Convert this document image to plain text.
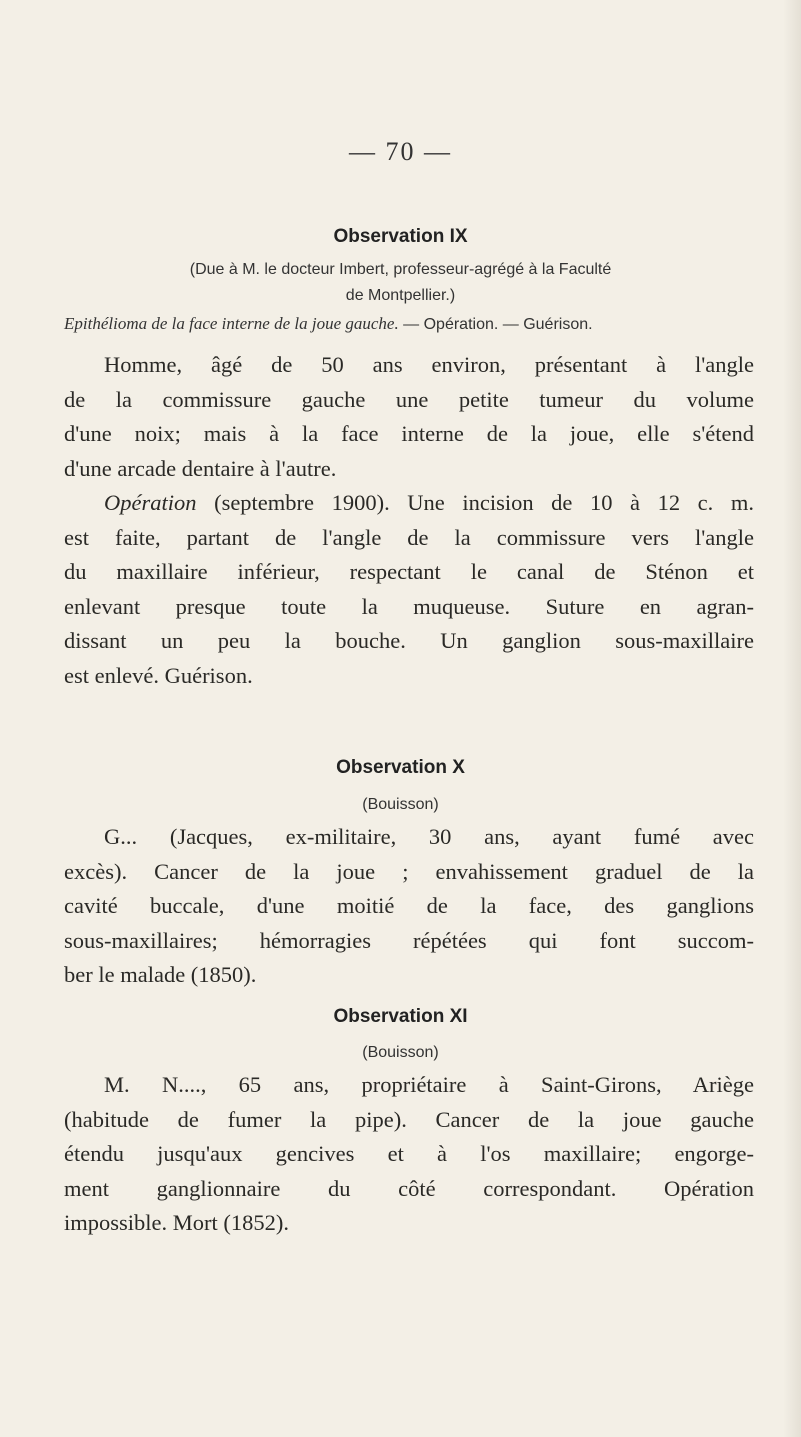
— 70 —
Observation IX
(Due à M. le docteur Imbert, professeur-agrégé à la Faculté
de Montpellier.)
Epithélioma de la face interne de la joue gauche. — Opération. — Guérison.
Homme, âgé de 50 ans environ, présentant à l'angle
de la commissure gauche une petite tumeur du volume
d'une noix; mais à la face interne de la joue, elle s'étend
d'une arcade dentaire à l'autre.
Opération (septembre 1900). Une incision de 10 à 12 c. m.
est faite, partant de l'angle de la commissure vers l'angle
du maxillaire inférieur, respectant le canal de Sténon et
enlevant presque toute la muqueuse. Suture en agran-
dissant un peu la bouche. Un ganglion sous-maxillaire
est enlevé. Guérison.
Observation X
(Bouisson)
G... (Jacques, ex-militaire, 30 ans, ayant fumé avec
excès). Cancer de la joue ; envahissement graduel de la
cavité buccale, d'une moitié de la face, des ganglions
sous-maxillaires; hémorragies répétées qui font succom-
ber le malade (1850).
Observation XI
(Bouisson)
M. N...., 65 ans, propriétaire à Saint-Girons, Ariège
(habitude de fumer la pipe). Cancer de la joue gauche
étendu jusqu'aux gencives et à l'os maxillaire; engorge-
ment ganglionnaire du côté correspondant. Opération
impossible. Mort (1852).
